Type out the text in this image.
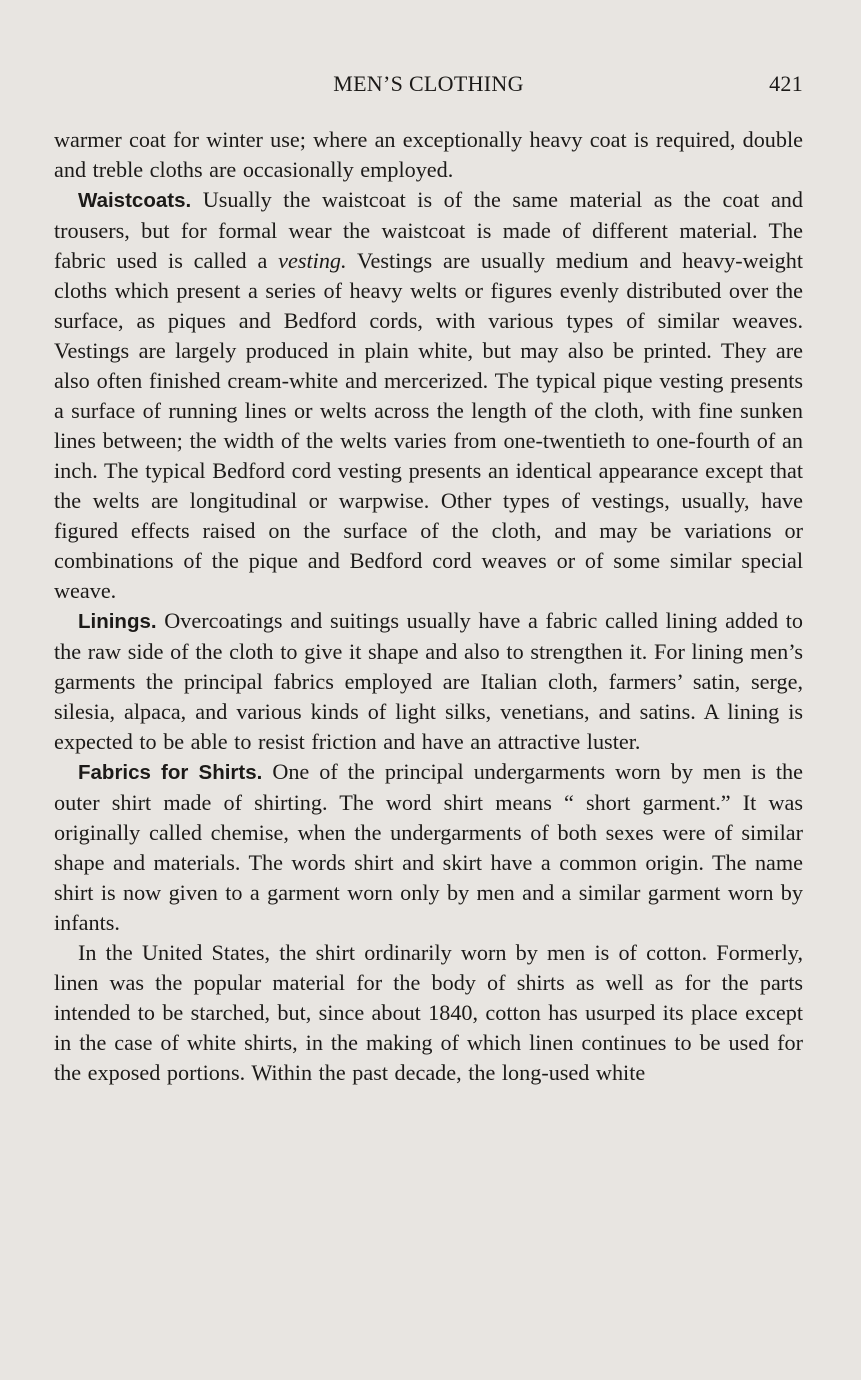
MEN’S CLOTHING	421

warmer coat for winter use; where an exceptionally heavy coat is required, double and treble cloths are occasionally employed.

Waistcoats. Usually the waistcoat is of the same material as the coat and trousers, but for formal wear the waistcoat is made of different material. The fabric used is called a vesting. Vestings are usually medium and heavy-weight cloths which present a series of heavy welts or figures evenly distributed over the surface, as piques and Bedford cords, with various types of similar weaves. Vestings are largely produced in plain white, but may also be printed. They are also often finished cream-white and mercerized. The typical pique vesting presents a surface of running lines or welts across the length of the cloth, with fine sunken lines between; the width of the welts varies from one-twentieth to one-fourth of an inch. The typical Bedford cord vesting presents an identical appearance except that the welts are longitudinal or warpwise. Other types of vestings, usually, have figured effects raised on the surface of the cloth, and may be variations or combinations of the pique and Bedford cord weaves or of some similar special weave.

Linings. Overcoatings and suitings usually have a fabric called lining added to the raw side of the cloth to give it shape and also to strengthen it. For lining men’s garments the principal fabrics employed are Italian cloth, farmers’ satin, serge, silesia, alpaca, and various kinds of light silks, venetians, and satins. A lining is expected to be able to resist friction and have an attractive luster.

Fabrics for Shirts. One of the principal undergarments worn by men is the outer shirt made of shirting. The word shirt means “ short garment.” It was originally called chemise, when the undergarments of both sexes were of similar shape and materials. The words shirt and skirt have a common origin. The name shirt is now given to a garment worn only by men and a similar garment worn by infants.

In the United States, the shirt ordinarily worn by men is of cotton. Formerly, linen was the popular material for the body of shirts as well as for the parts intended to be starched, but, since about 1840, cotton has usurped its place except in the case of white shirts, in the making of which linen continues to be used for the exposed portions. Within the past decade, the long-used white
